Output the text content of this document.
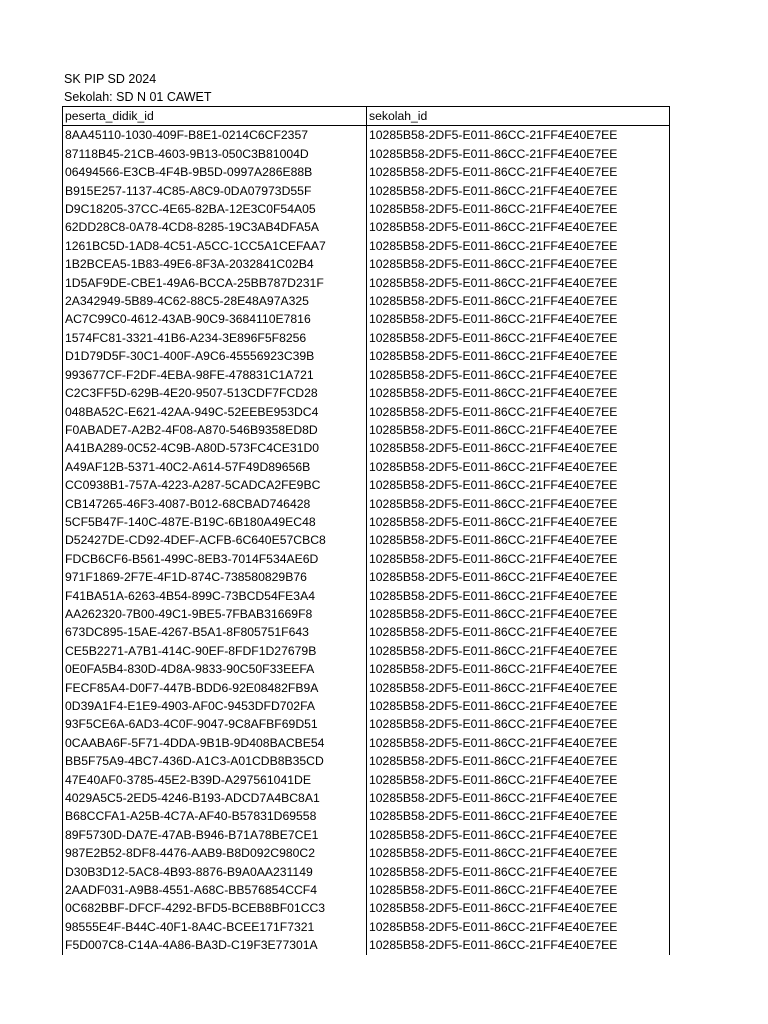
SK PIP SD 2024
Sekolah: SD N 01 CAWET
peserta_didik_id	sekolah_id
8AA45110-1030-409F-B8E1-0214C6CF2357	10285B58-2DF5-E011-86CC-21FF4E40E7EE
87118B45-21CB-4603-9B13-050C3B81004D	10285B58-2DF5-E011-86CC-21FF4E40E7EE
06494566-E3CB-4F4B-9B5D-0997A286E88B	10285B58-2DF5-E011-86CC-21FF4E40E7EE
B915E257-1137-4C85-A8C9-0DA07973D55F	10285B58-2DF5-E011-86CC-21FF4E40E7EE
D9C18205-37CC-4E65-82BA-12E3C0F54A05	10285B58-2DF5-E011-86CC-21FF4E40E7EE
62DD28C8-0A78-4CD8-8285-19C3AB4DFA5A	10285B58-2DF5-E011-86CC-21FF4E40E7EE
1261BC5D-1AD8-4C51-A5CC-1CC5A1CEFAA7	10285B58-2DF5-E011-86CC-21FF4E40E7EE
1B2BCEA5-1B83-49E6-8F3A-2032841C02B4	10285B58-2DF5-E011-86CC-21FF4E40E7EE
1D5AF9DE-CBE1-49A6-BCCA-25BB787D231F	10285B58-2DF5-E011-86CC-21FF4E40E7EE
2A342949-5B89-4C62-88C5-28E48A97A325	10285B58-2DF5-E011-86CC-21FF4E40E7EE
AC7C99C0-4612-43AB-90C9-3684110E7816	10285B58-2DF5-E011-86CC-21FF4E40E7EE
1574FC81-3321-41B6-A234-3E896F5F8256	10285B58-2DF5-E011-86CC-21FF4E40E7EE
D1D79D5F-30C1-400F-A9C6-45556923C39B	10285B58-2DF5-E011-86CC-21FF4E40E7EE
993677CF-F2DF-4EBA-98FE-478831C1A721	10285B58-2DF5-E011-86CC-21FF4E40E7EE
C2C3FF5D-629B-4E20-9507-513CDF7FCD28	10285B58-2DF5-E011-86CC-21FF4E40E7EE
048BA52C-E621-42AA-949C-52EEBE953DC4	10285B58-2DF5-E011-86CC-21FF4E40E7EE
F0ABADE7-A2B2-4F08-A870-546B9358ED8D	10285B58-2DF5-E011-86CC-21FF4E40E7EE
A41BA289-0C52-4C9B-A80D-573FC4CE31D0	10285B58-2DF5-E011-86CC-21FF4E40E7EE
A49AF12B-5371-40C2-A614-57F49D89656B	10285B58-2DF5-E011-86CC-21FF4E40E7EE
CC0938B1-757A-4223-A287-5CADCA2FE9BC	10285B58-2DF5-E011-86CC-21FF4E40E7EE
CB147265-46F3-4087-B012-68CBAD746428	10285B58-2DF5-E011-86CC-21FF4E40E7EE
5CF5B47F-140C-487E-B19C-6B180A49EC48	10285B58-2DF5-E011-86CC-21FF4E40E7EE
D52427DE-CD92-4DEF-ACFB-6C640E57CBC8	10285B58-2DF5-E011-86CC-21FF4E40E7EE
FDCB6CF6-B561-499C-8EB3-7014F534AE6D	10285B58-2DF5-E011-86CC-21FF4E40E7EE
971F1869-2F7E-4F1D-874C-738580829B76	10285B58-2DF5-E011-86CC-21FF4E40E7EE
F41BA51A-6263-4B54-899C-73BCD54FE3A4	10285B58-2DF5-E011-86CC-21FF4E40E7EE
AA262320-7B00-49C1-9BE5-7FBAB31669F8	10285B58-2DF5-E011-86CC-21FF4E40E7EE
673DC895-15AE-4267-B5A1-8F805751F643	10285B58-2DF5-E011-86CC-21FF4E40E7EE
CE5B2271-A7B1-414C-90EF-8FDF1D27679B	10285B58-2DF5-E011-86CC-21FF4E40E7EE
0E0FA5B4-830D-4D8A-9833-90C50F33EEFA	10285B58-2DF5-E011-86CC-21FF4E40E7EE
FECF85A4-D0F7-447B-BDD6-92E08482FB9A	10285B58-2DF5-E011-86CC-21FF4E40E7EE
0D39A1F4-E1E9-4903-AF0C-9453DFD702FA	10285B58-2DF5-E011-86CC-21FF4E40E7EE
93F5CE6A-6AD3-4C0F-9047-9C8AFBF69D51	10285B58-2DF5-E011-86CC-21FF4E40E7EE
0CAABA6F-5F71-4DDA-9B1B-9D408BACBE54	10285B58-2DF5-E011-86CC-21FF4E40E7EE
BB5F75A9-4BC7-436D-A1C3-A01CDB8B35CD	10285B58-2DF5-E011-86CC-21FF4E40E7EE
47E40AF0-3785-45E2-B39D-A297561041DE	10285B58-2DF5-E011-86CC-21FF4E40E7EE
4029A5C5-2ED5-4246-B193-ADCD7A4BC8A1	10285B58-2DF5-E011-86CC-21FF4E40E7EE
B68CCFA1-A25B-4C7A-AF40-B57831D69558	10285B58-2DF5-E011-86CC-21FF4E40E7EE
89F5730D-DA7E-47AB-B946-B71A78BE7CE1	10285B58-2DF5-E011-86CC-21FF4E40E7EE
987E2B52-8DF8-4476-AAB9-B8D092C980C2	10285B58-2DF5-E011-86CC-21FF4E40E7EE
D30B3D12-5AC8-4B93-8876-B9A0AA231149	10285B58-2DF5-E011-86CC-21FF4E40E7EE
2AADF031-A9B8-4551-A68C-BB576854CCF4	10285B58-2DF5-E011-86CC-21FF4E40E7EE
0C682BBF-DFCF-4292-BFD5-BCEB8BF01CC3	10285B58-2DF5-E011-86CC-21FF4E40E7EE
98555E4F-B44C-40F1-8A4C-BCEE171F7321	10285B58-2DF5-E011-86CC-21FF4E40E7EE
F5D007C8-C14A-4A86-BA3D-C19F3E77301A	10285B58-2DF5-E011-86CC-21FF4E40E7EE
